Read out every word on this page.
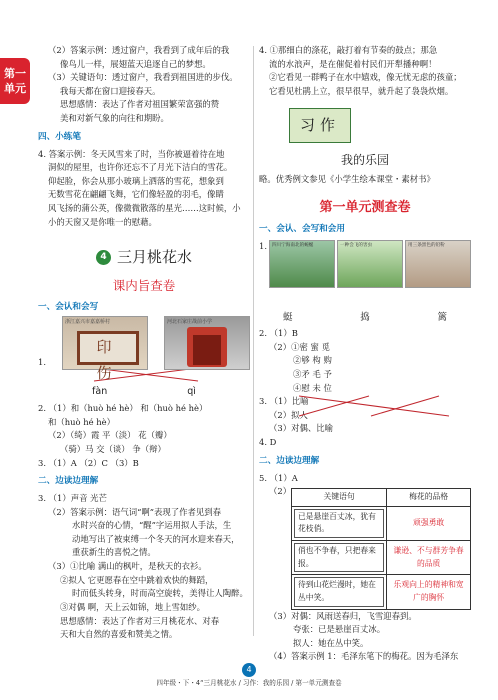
第一
单元

（2）答案示例：透过窗户，我看到了成年后的我

像鸟儿一样，展翅蓝天追逐自己的梦想。

（3）关键语句：透过窗户，我看到祖国进的步伐。

我每天都在窗口迎接春天。

思想感情：表达了作者对祖国繁荣富强的赞

美和对新气象的向往和期盼。

四、小练笔

4. 答案示例：冬天风雪来了时，当你被逼着待在地

洞似的屋里，也许你还忘不了月光下洁白的雪花。

仰起脸，你会从那小玻璃上洒落的雪花，想象到

无数雪花在翩翩飞舞，它们像轻盈的羽毛，像睛

风飞扬的蒲公英，像微微散落的星光……这时候，小

小的天窗又是你唯一的慰藉。

4 三月桃花水
课内旨查卷
一、会认和会写
1.
浙江嘉兴市嘉嘉桥村
印 伤
河北石家庄战前小学
fàn	qì

2. （1）和（huò hé hè） 和（huò hé hè）

和（huò hé hè）

（2）（绮）霞 平（淡） 花（瓣）

（骑）马 交（谈） 争（辩）

3. （1）A （2）C （3）B

二、边读边理解

3. （1）声音 光芒

（2）答案示例：语气词“啊”表现了作者见到春

水时兴奋的心情，“醒”字运用拟人手法，生

动地写出了被束缚一个冬天的河水迎来春天，

重获新生的喜悦之情。

（3）①比喻 满山的枫叶，是秋天的衣衫。

②拟人 它更愿春在空中跳着欢快的舞蹈，

时而低头转身，时而高空旋转，美得让人陶醉。

③对偶 啊，天上云如锦，地上雪如纱。

思想感情：表达了作者对三月桃花水、对春

天和大自然的喜爱和赞美之情。

4. ①那细白的涤花，敲打着有节奏的鼓点；那急

流的水浪声，是在催促着村民们开犁播种啊！

②它看见一群鸭子在水中嬉戏，像无忧无虑的孩童；

它看见杜鹃上立，很早很早，就升起了袅袅炊烟。

习作
我的乐园

略。优秀例文参见《小学生绘本课堂・素材书》

第一单元测查卷
一、会认、会写和会用
1. 四川宁海南北的蜿蜒	一种会飞的害虫	用三条黑色的铅粉
蜓	捣	篱

2. （1）B

（2）①密 蜜 觅

②够 构 购

③矛 毛 予

④慰 未 位

3. （1）比喻

（2）拟人

（3）对偶、比喻

4. D

二、边读边理解

5. （1）A

（2）
关键语句	梅花的品格

已是悬崖百丈冰，犹有花枝俏。	顽强勇敢

俏也不争春，只把春来报。	谦逊、不与群芳争春的品质

待到山花烂漫时，她在丛中笑。	乐观向上的精神和宽广的胸怀

（3）对偶：风雨送春归，飞雪迎春到。

夸张：已是悬崖百丈冰。

拟人：她在丛中笑。

（4）答案示例 1：毛泽东笔下的梅花。因为毛泽东

4
四年级・下・4“三月桃花水 / 习作：我的乐园 / 第一单元测查卷
